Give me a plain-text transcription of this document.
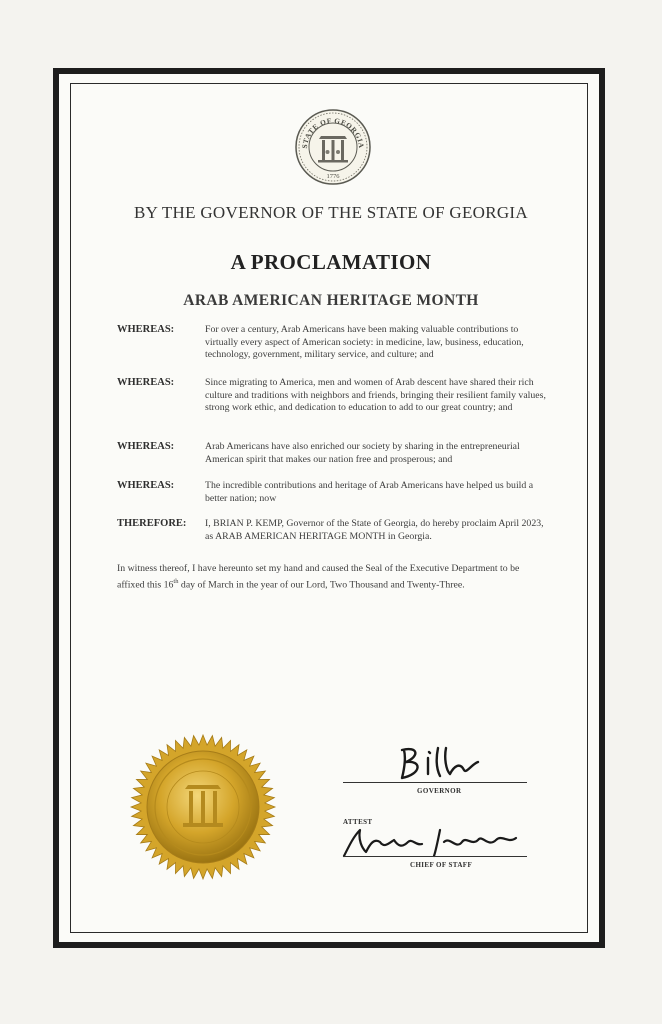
STATE OF GEORGIA
1776
BY THE GOVERNOR OF THE STATE OF GEORGIA
A PROCLAMATION
ARAB AMERICAN HERITAGE MONTH
WHEREAS:	For over a century, Arab Americans have been making valuable contributions to virtually every aspect of American society: in medicine, law, business, education, technology, government, military service, and culture; and
WHEREAS:	Since migrating to America, men and women of Arab descent have shared their rich culture and traditions with neighbors and friends, bringing their resilient family values, strong work ethic, and dedication to education to add to our great country; and
WHEREAS:	Arab Americans have also enriched our society by sharing in the entrepreneurial American spirit that makes our nation free and prosperous; and
WHEREAS:	The incredible contributions and heritage of Arab Americans have helped us build a better nation; now
THEREFORE: I, BRIAN P. KEMP, Governor of the State of Georgia, do hereby proclaim April 2023, as ARAB AMERICAN HERITAGE MONTH in Georgia.
In witness thereof, I have hereunto set my hand and caused the Seal of the Executive Department to be affixed this 16th day of March in the year of our Lord, Two Thousand and Twenty-Three.
GOVERNOR
ATTEST
CHIEF OF STAFF
